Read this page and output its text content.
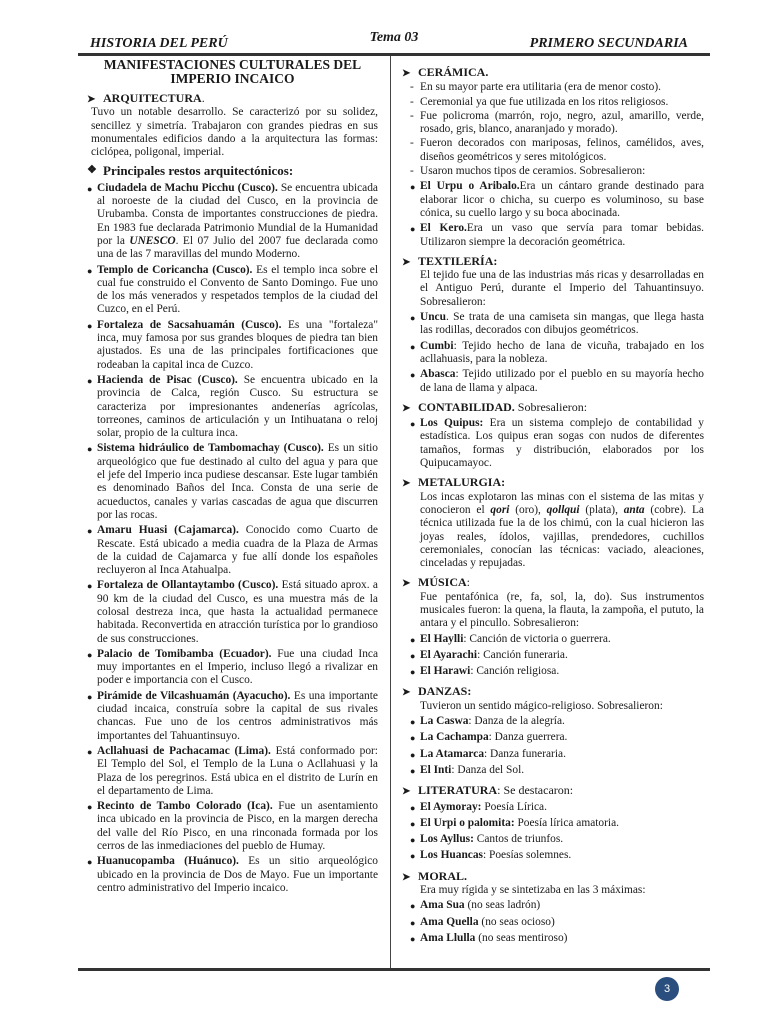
HISTORIA DEL PERÚ	Tema 03	PRIMERO SECUNDARIA
MANIFESTACIONES CULTURALES DEL IMPERIO INCAICO
➤ ARQUITECTURA.
Tuvo un notable desarrollo. Se caracterizó por su solidez, sencillez y simetría. Trabajaron con grandes piedras en sus monumentales edificios dando a la arquitectura las formas: ciclópea, poligonal, imperial.
❖ Principales restos arquitectónicos:
● Ciudadela de Machu Picchu (Cusco). Se encuentra ubicada al noroeste de la ciudad del Cusco, en la provincia de Urubamba. Consta de importantes construcciones de piedra. En 1983 fue declarada Patrimonio Mundial de la Humanidad por la UNESCO. El 07 Julio del 2007 fue declarada como una de las 7 maravillas del mundo Moderno.
● Templo de Coricancha (Cusco). Es el templo inca sobre el cual fue construido el Convento de Santo Domingo. Fue uno de los más venerados y respetados templos de la ciudad del Cuzco, en el Perú.
● Fortaleza de Sacsahuamán (Cusco). Es una "fortaleza" inca, muy famosa por sus grandes bloques de piedra tan bien ajustados. Es una de las principales fortificaciones que rodeaban la capital inca de Cuzco.
● Hacienda de Pisac (Cusco). Se encuentra ubicado en la provincia de Calca, región Cusco. Su estructura se caracteriza por impresionantes andenerías agrícolas, torreones, caminos de articulación y un Intihuatana o reloj solar, propio de la cultura inca.
● Sistema hidráulico de Tambomachay (Cusco). Es un sitio arqueológico que fue destinado al culto del agua y para que el jefe del Imperio inca pudiese descansar. Este lugar también es denominado Baños del Inca. Consta de una serie de acueductos, canales y varias cascadas de agua que discurren por las rocas.
● Amaru Huasi (Cajamarca). Conocido como Cuarto de Rescate. Está ubicado a media cuadra de la Plaza de Armas de la cuidad de Cajamarca y fue allí donde los españoles recluyeron al Inca Atahualpa.
● Fortaleza de Ollantaytambo (Cusco). Está situado aprox. a 90 km de la ciudad del Cusco, es una muestra más de la colosal destreza inca, que hasta la actualidad permanece habitada. Reconvertida en atracción turística por lo grandioso de sus construcciones.
● Palacio de Tomibamba (Ecuador). Fue una ciudad Inca muy importantes en el Imperio, incluso llegó a rivalizar en poder e importancia con el Cusco.
● Pirámide de Vilcashuamán (Ayacucho). Es una importante ciudad incaica, construía sobre la capital de sus rivales chancas. Fue uno de los centros administrativos más importantes del Tahuantinsuyo.
● Acllahuasi de Pachacamac (Lima). Está conformado por: El Templo del Sol, el Templo de la Luna o Acllahuasi y la Plaza de los peregrinos. Está ubica en el distrito de Lurín en el departamento de Lima.
● Recinto de Tambo Colorado (Ica). Fue un asentamiento inca ubicado en la provincia de Pisco, en la margen derecha del valle del Río Pisco, en una rinconada formada por los cerros de las inmediaciones del pueblo de Humay.
● Huanucopamba (Huánuco). Es un sitio arqueológico ubicado en la provincia de Dos de Mayo. Fue un importante centro administrativo del Imperio incaico.
➤ CERÁMICA.
- En su mayor parte era utilitaria (era de menor costo).
- Ceremonial ya que fue utilizada en los ritos religiosos.
- Fue policroma (marrón, rojo, negro, azul, amarillo, verde, rosado, gris, blanco, anaranjado y morado).
- Fueron decorados con mariposas, felinos, camélidos, aves, diseños geométricos y seres mitológicos.
- Usaron muchos tipos de ceramios. Sobresalieron:
● El Urpu o Aribalo.Era un cántaro grande destinado para elaborar licor o chicha, su cuerpo es voluminoso, su base cónica, su cuello largo y su boca abocinada.
● El Kero.Era un vaso que servía para tomar bebidas. Utilizaron siempre la decoración geométrica.
➤ TEXTILERÍA:
El tejido fue una de las industrias más ricas y desarrolladas en el Antiguo Perú, durante el Imperio del Tahuantinsuyo. Sobresalieron:
● Uncu. Se trata de una camiseta sin mangas, que llega hasta las rodillas, decorados con dibujos geométricos.
● Cumbi: Tejido hecho de lana de vicuña, trabajado en los acllahuasis, para la nobleza.
● Abasca: Tejido utilizado por el pueblo en su mayoría hecho de lana de llama y alpaca.
➤ CONTABILIDAD. Sobresalieron:
● Los Quipus: Era un sistema complejo de contabilidad y estadística. Los quipus eran sogas con nudos de diferentes tamaños, formas y distribución, elaborados por los Quipucamayoc.
➤ METALURGIA:
Los incas explotaron las minas con el sistema de las mitas y conocieron el qori (oro), qollqui (plata), anta (cobre). La técnica utilizada fue la de los chimú, con la cual hicieron las joyas reales, ídolos, vajillas, prendedores, cuchillos ceremoniales, conocían las técnicas: vaciado, aleaciones, cinceladas y repujadas.
➤ MÚSICA:
Fue pentafónica (re, fa, sol, la, do). Sus instrumentos musicales fueron: la quena, la flauta, la zampoña, el pututo, la antara y el pincullo. Sobresalieron:
● El Haylli: Canción de victoria o guerrera.
● El Ayarachi: Canción funeraria.
● El Harawi: Canción religiosa.
➤ DANZAS:
Tuvieron un sentido mágico-religioso. Sobresalieron:
● La Caswa: Danza de la alegría.
● La Cachampa: Danza guerrera.
● La Atamarca: Danza funeraria.
● El Inti: Danza del Sol.
➤ LITERATURA: Se destacaron:
● El Aymoray: Poesía Lírica.
● El Urpi o palomita: Poesía lírica amatoria.
● Los Ayllus: Cantos de triunfos.
● Los Huancas: Poesías solemnes.
➤ MORAL.
Era muy rígida y se sintetizaba en las 3 máximas:
● Ama Sua (no seas ladrón)
● Ama Quella (no seas ocioso)
● Ama Llulla (no seas mentiroso)
3
